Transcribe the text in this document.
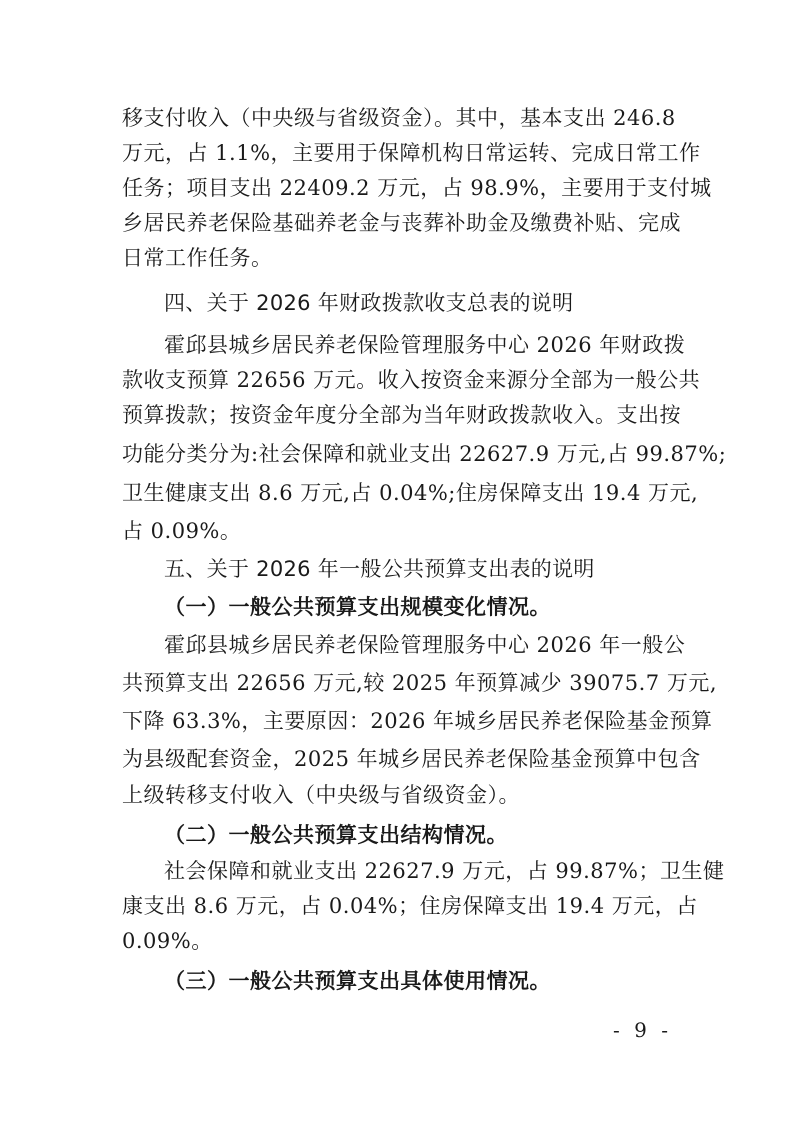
移支付收入（中央级与省级资金）。其中，基本支出 246.8
万元，占 1.1%，主要用于保障机构日常运转、完成日常工作
任务；项目支出 22409.2 万元，占 98.9%，主要用于支付城
乡居民养老保险基础养老金与丧葬补助金及缴费补贴、完成
日常工作任务。
四、关于 2026 年财政拨款收支总表的说明
霍邱县城乡居民养老保险管理服务中心 2026 年财政拨
款收支预算 22656 万元。收入按资金来源分全部为一般公共
预算拨款；按资金年度分全部为当年财政拨款收入。支出按
功能分类分为:社会保障和就业支出 22627.9 万元,占 99.87%;
卫生健康支出 8.6 万元,占 0.04%;住房保障支出 19.4 万元,
占 0.09%。
五、关于 2026 年一般公共预算支出表的说明
（一）一般公共预算支出规模变化情况。
霍邱县城乡居民养老保险管理服务中心 2026 年一般公
共预算支出 22656 万元,较 2025 年预算减少 39075.7 万元,
下降 63.3%，主要原因：2026 年城乡居民养老保险基金预算
为县级配套资金，2025 年城乡居民养老保险基金预算中包含
上级转移支付收入（中央级与省级资金）。
（二）一般公共预算支出结构情况。
社会保障和就业支出 22627.9 万元，占 99.87%；卫生健
康支出 8.6 万元，占 0.04%；住房保障支出 19.4 万元，占
0.09%。
（三）一般公共预算支出具体使用情况。
- 9 -
